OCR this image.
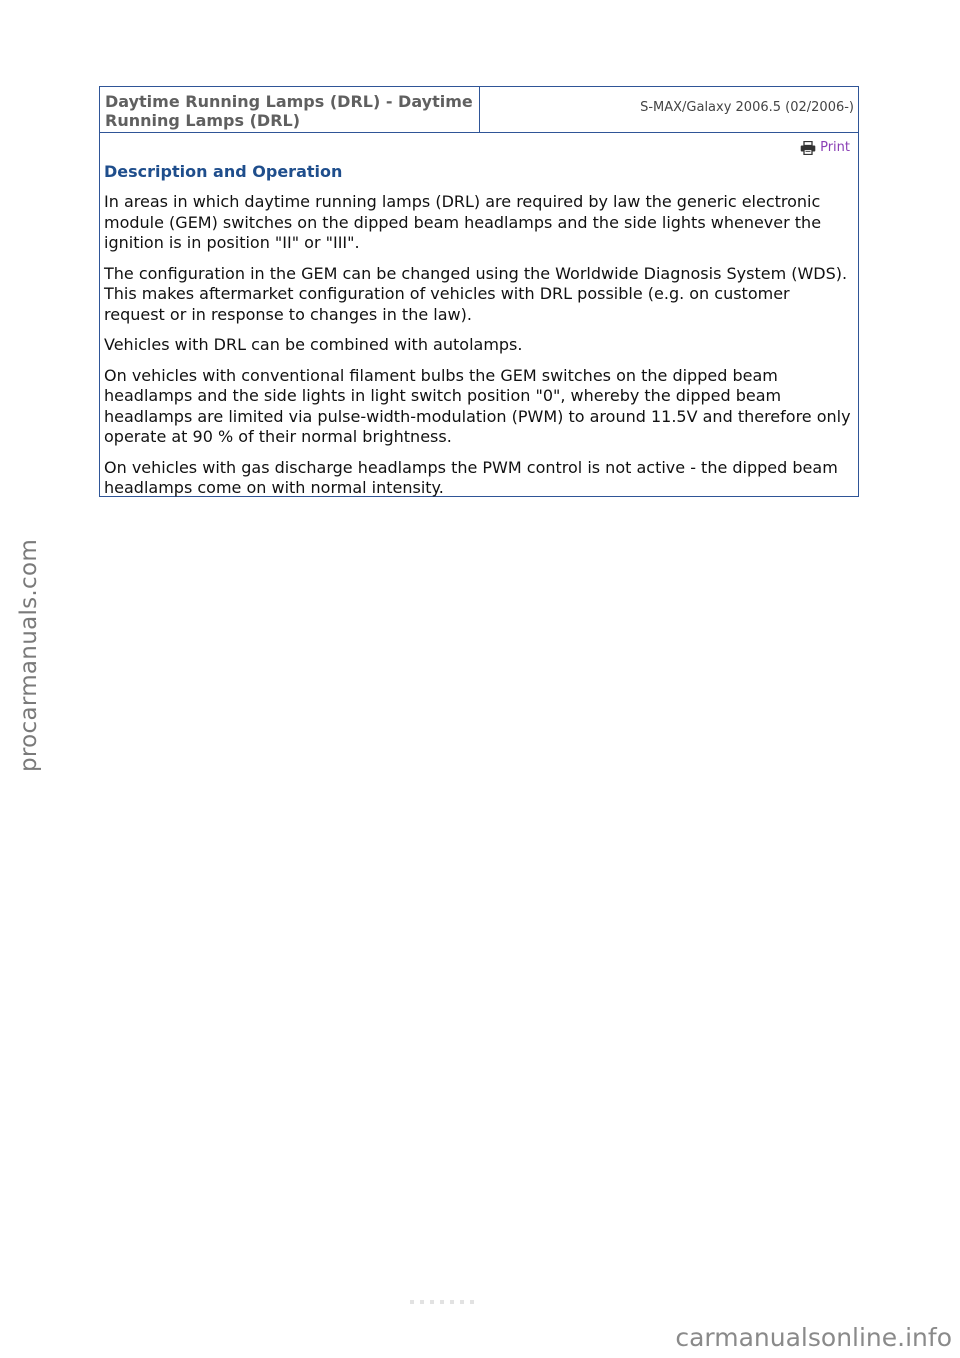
Daytime Running Lamps (DRL) - Daytime Running Lamps (DRL)
S-MAX/Galaxy 2006.5 (02/2006-)
Print
Description and Operation

In areas in which daytime running lamps (DRL) are required by law the generic electronic module (GEM) switches on the dipped beam headlamps and the side lights whenever the ignition is in position "II" or "III".

The configuration in the GEM can be changed using the Worldwide Diagnosis System (WDS). This makes aftermarket configuration of vehicles with DRL possible (e.g. on customer request or in response to changes in the law).

Vehicles with DRL can be combined with autolamps.

On vehicles with conventional filament bulbs the GEM switches on the dipped beam headlamps and the side lights in light switch position "0", whereby the dipped beam headlamps are limited via pulse-width-modulation (PWM) to around 11.5V and therefore only operate at 90 % of their normal brightness.

On vehicles with gas discharge headlamps the PWM control is not active - the dipped beam headlamps come on with normal intensity.

procarmanuals.com
carmanualsonline.info
